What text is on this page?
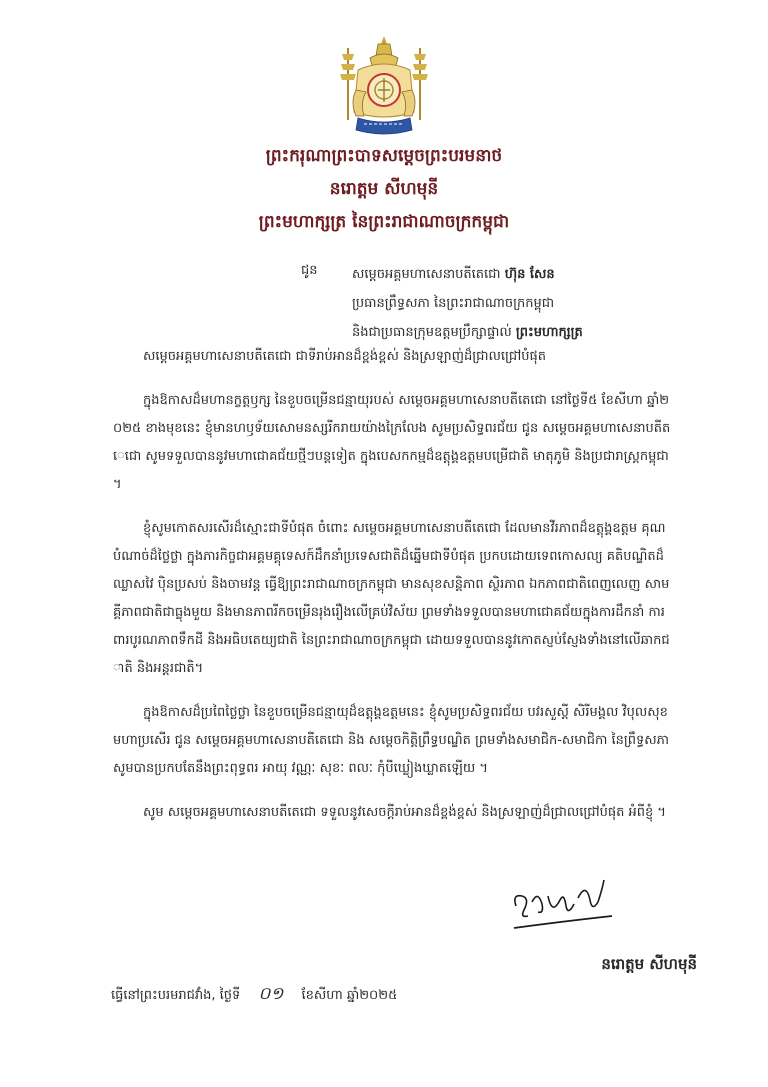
ព្រះករុណាព្រះបាទសម្ដេចព្រះបរមនាថ
នរោត្តម សីហមុនី
ព្រះមហាក្សត្រ នៃព្រះរាជាណាចក្រកម្ពុជា
ជូន	សម្ដេចអគ្គមហាសេនាបតីតេជោ ហ៊ុន សែន
ប្រធានព្រឹទ្ធសភា នៃព្រះរាជាណាចក្រកម្ពុជា
និងជាប្រធានក្រុមឧត្តមប្រឹក្សាផ្ទាល់ ព្រះមហាក្សត្រ

សម្ដេចអគ្គមហាសេនាបតីតេជោ ជាទីរាប់អានដ៏ខ្ពង់ខ្ពស់ និងស្រឡាញ់ដ៏ជ្រាលជ្រៅបំផុត

ក្នុងឱកាសដ៏មហានក្ខត្តឫក្ស នៃខួបចម្រើនជន្មាយុរបស់ សម្ដេចអគ្គមហាសេនាបតីតេជោ នៅថ្ងៃទី៥ ខែសីហា ឆ្នាំ២០២៥ ខាងមុខនេះ ខ្ញុំមានហឫទ័យសោមនស្សរីករាយយ៉ាងក្រៃលែង សូមប្រសិទ្ធពរជ័យ ជូន សម្ដេចអគ្គមហាសេនាបតីតេជោ សូមទទួលបាននូវមហាជោគជ័យថ្មីៗបន្តទៀត ក្នុងបេសកកម្មដ៏ឧត្តុង្គឧត្តមបម្រើជាតិ មាតុភូមិ និងប្រជារាស្ត្រកម្ពុជា។

ខ្ញុំសូមកោតសរសើរដ៏ស្មោះជាទីបំផុត ចំពោះ សម្ដេចអគ្គមហាសេនាបតីតេជោ ដែលមានវីរភាពដ៏ឧត្តុង្គឧត្តម គុណបំណាច់ដ៏ថ្លៃថ្លា ក្នុងភារកិច្ចជាអគ្គមគ្គុទេសក៍ដឹកនាំប្រទេសជាតិដ៏ឆ្នើមជាទីបំផុត ប្រកបដោយទេពកោសល្យ គតិបណ្ឌិតដ៏ឈ្លាសវៃ ប៉ិនប្រសប់ និងចាមវន្ត ធ្វើឱ្យព្រះរាជាណាចក្រកម្ពុជា មានសុខសន្តិភាព ស្ថិរភាព ឯកភាពជាតិពេញលេញ សាមគ្គីភាពជាតិជាធ្លុងមួយ និងមានភាពរីកចម្រើនរុងរឿងលើគ្រប់វិស័យ ព្រមទាំងទទួលបានមហាជោគជ័យក្នុងការដឹកនាំ ការពារបូរណភាពទឹកដី និងអធិបតេយ្យជាតិ នៃព្រះរាជាណាចក្រកម្ពុជា ដោយទទួលបាននូវកោតស្ញប់ស្ញែងទាំងនៅលើឆាកជាតិ និងអន្តរជាតិ។

ក្នុងឱកាសដ៏ប្រពៃថ្លៃថ្លា នៃខួបចម្រើនជន្មាយុដ៏ឧត្តុង្គឧត្តមនេះ ខ្ញុំសូមប្រសិទ្ធពរជ័យ បវរសួស្ដី សិរីមង្គល វិបុលសុខ មហាប្រសើរ ជូន សម្ដេចអគ្គមហាសេនាបតីតេជោ និង សម្ដេចកិត្តិព្រឹទ្ធបណ្ឌិត ព្រមទាំងសមាជិក-សមាជិកា នៃព្រឹទ្ធសភា សូមបានប្រកបតែនឹងព្រះពុទ្ធពរ អាយុ វណ្ណៈ សុខៈ ពលៈ កុំបីឃ្លៀងឃ្លាតឡើយ ។

សូម សម្ដេចអគ្គមហាសេនាបតីតេជោ ទទួលនូវសេចក្ដីរាប់អានដ៏ខ្ពង់ខ្ពស់ និងស្រឡាញ់ដ៏ជ្រាលជ្រៅបំផុត អំពីខ្ញុំ ។

នរោត្តម សីហមុនី
ធ្វើនៅព្រះបរមរាជវាំង, ថ្ងៃទី ០១ ខែសីហា ឆ្នាំ២០២៥
